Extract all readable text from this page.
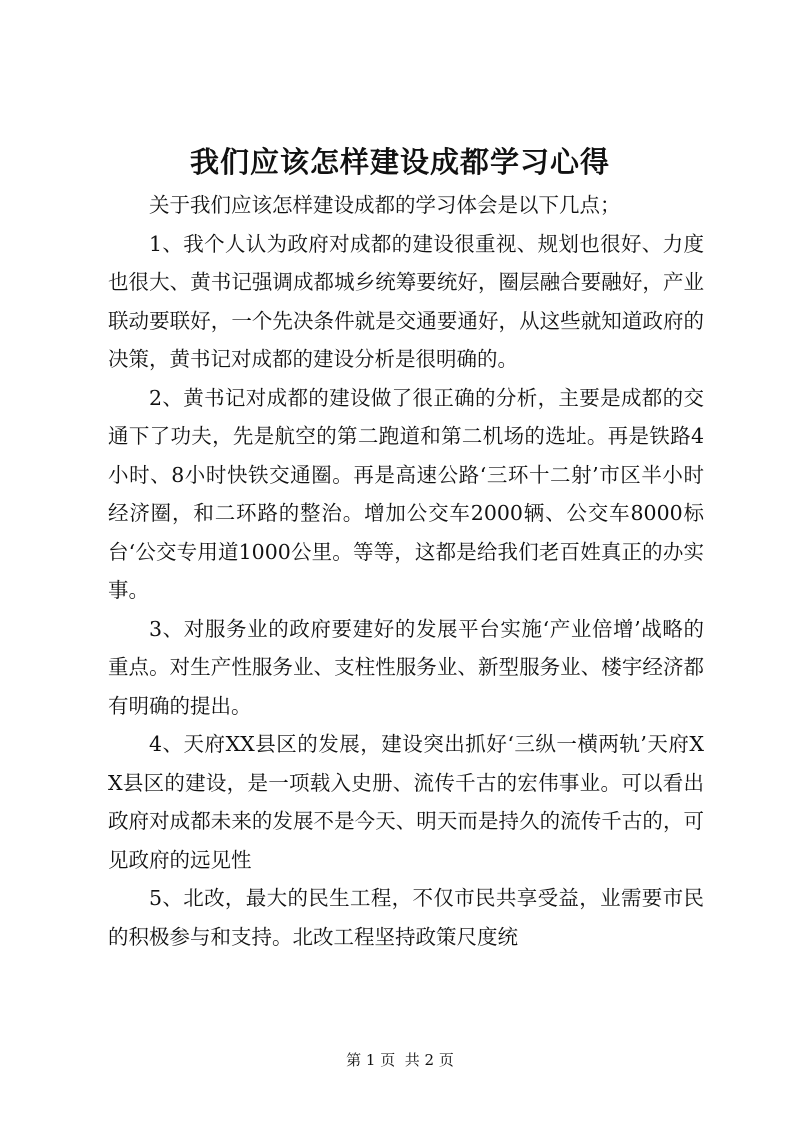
我们应该怎样建设成都学习心得

关于我们应该怎样建设成都的学习体会是以下几点；

1、我个人认为政府对成都的建设很重视、规划也很好、力度也很大、黄书记强调成都城乡统筹要统好，圈层融合要融好，产业联动要联好，一个先决条件就是交通要通好，从这些就知道政府的决策，黄书记对成都的建设分析是很明确的。

2、黄书记对成都的建设做了很正确的分析，主要是成都的交通下了功夫，先是航空的第二跑道和第二机场的选址。再是铁路4小时、8小时快铁交通圈。再是高速公路‘三环十二射’市区半小时经济圈，和二环路的整治。增加公交车2000辆、公交车8000标台‘公交专用道1000公里。等等，这都是给我们老百姓真正的办实事。

3、对服务业的政府要建好的发展平台实施‘产业倍增’战略的重点。对生产性服务业、支柱性服务业、新型服务业、楼宇经济都有明确的提出。

4、天府XX县区的发展，建设突出抓好‘三纵一横两轨’天府XX县区的建设，是一项载入史册、流传千古的宏伟事业。可以看出政府对成都未来的发展不是今天、明天而是持久的流传千古的，可见政府的远见性

5、北改，最大的民生工程，不仅市民共享受益，业需要市民的积极参与和支持。北改工程坚持政策尺度统

第 1 页  共 2 页
